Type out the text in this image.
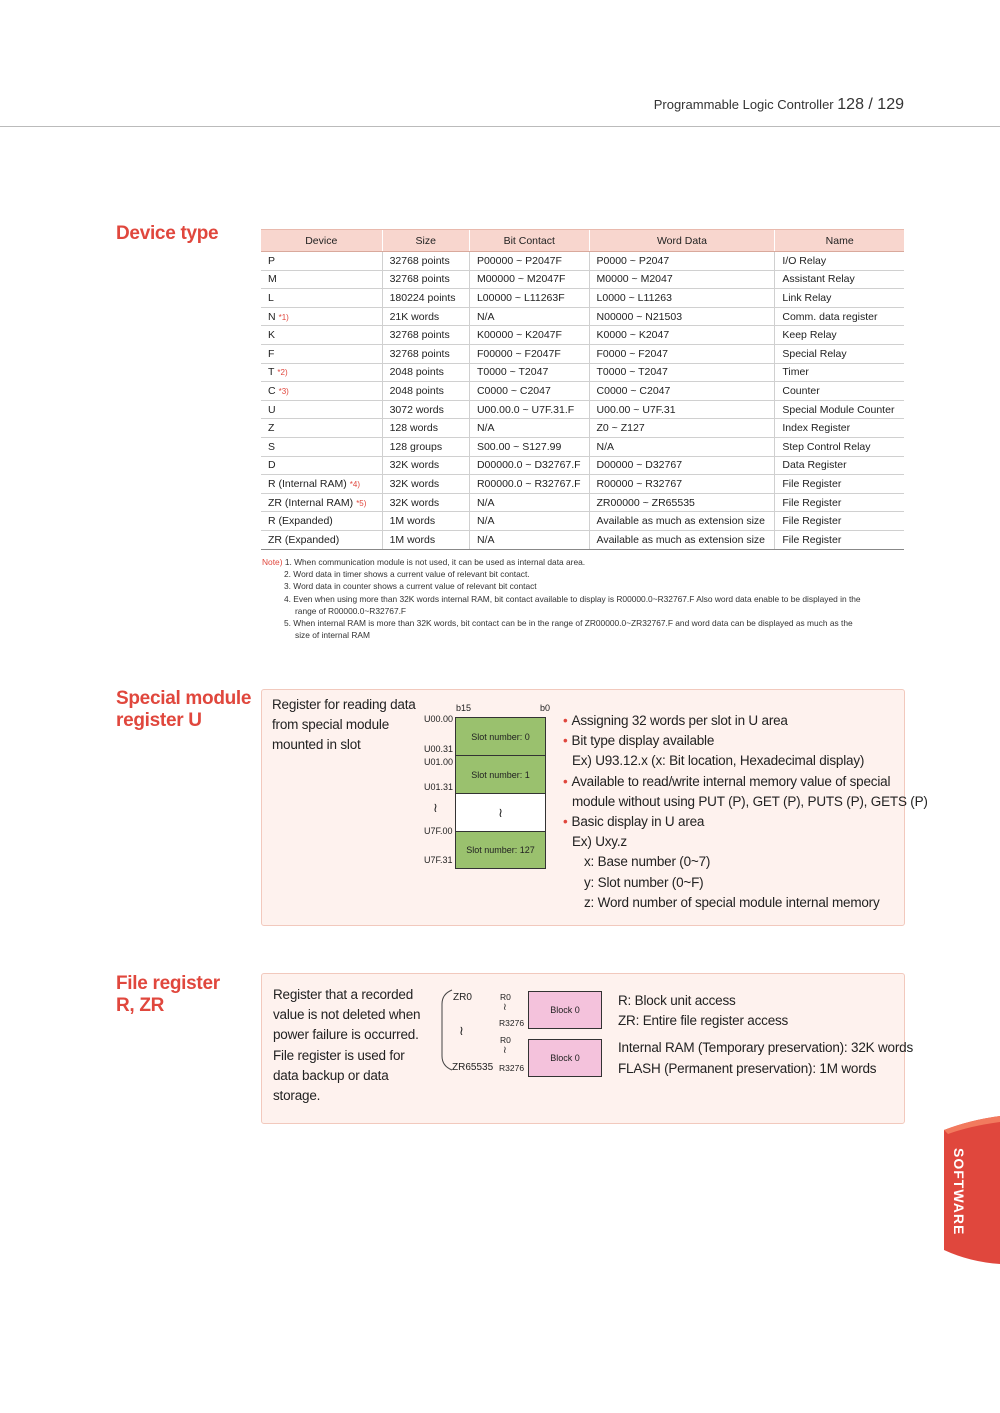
Programmable Logic Controller 128 / 129
Device type	Device	Size	Bit Contact	Word Data	Name
P	32768 points	P00000 ~ P2047F	P0000 ~ P2047	I/O Relay
M	32768 points	M00000 ~ M2047F	M0000 ~ M2047	Assistant Relay
L	180224 points	L00000 ~ L11263F	L0000 ~ L11263	Link Relay
N *1)	21K words	N/A	N00000 ~ N21503	Comm. data register
K	32768 points	K00000 ~ K2047F	K0000 ~ K2047	Keep Relay
F	32768 points	F00000 ~ F2047F	F0000 ~ F2047	Special Relay
T *2)	2048 points	T0000 ~ T2047	T0000 ~ T2047	Timer
C *3)	2048 points	C0000 ~ C2047	C0000 ~ C2047	Counter
U	3072 words	U00.00.0 ~ U7F.31.F	U00.00 ~ U7F.31	Special Module Counter
Z	128 words	N/A	Z0 ~ Z127	Index Register
S	128 groups	S00.00 ~ S127.99	N/A	Step Control Relay
D	32K words	D00000.0 ~ D32767.F	D00000 ~ D32767	Data Register
R (Internal RAM) *4)	32K words	R00000.0 ~ R32767.F	R00000 ~ R32767	File Register
ZR (Internal RAM) *5)	32K words	N/A	ZR00000 ~ ZR65535	File Register
R (Expanded)	1M words	N/A	Available as much as extension size	File Register
ZR (Expanded)	1M words	N/A	Available as much as extension size	File Register
Note) 1. When communication module is not used, it can be used as internal data area.
2. Word data in timer shows a current value of relevant bit contact.
3. Word data in counter shows a current value of relevant bit contact
4. Even when using more than 32K words internal RAM, bit contact available to display is R00000.0~R32767.F Also word data enable to be displayed in the
range of R00000.0~R32767.F
5. When internal RAM is more than 32K words, bit contact can be in the range of ZR00000.0~ZR32767.F and word data can be displayed as much as the
size of internal RAM
Special module
register U
Register for reading data
from special module
mounted in slot
b15	b0
U00.00
U00.31
U01.00
U01.31
≀
U7F.00
U7F.31
Slot number: 0
Slot number: 1
≀
Slot number: 127
• Assigning 32 words per slot in U area
• Bit type display available
Ex) U93.12.x (x: Bit location, Hexadecimal display)
• Available to read/write internal memory value of special
module without using PUT (P), GET (P), PUTS (P), GETS (P)
• Basic display in U area
Ex) Uxy.z
x: Base number (0~7)
y: Slot number (0~F)
z: Word number of special module internal memory
File register
R, ZR
Register that a recorded
value is not deleted when
power failure is occurred.
File register is used for
data backup or data
storage.
ZR0
≀
ZR65535
R0
≀
R3276
R0
≀
R3276
Block 0
Block 0
R: Block unit access
ZR: Entire file register access
Internal RAM (Temporary preservation): 32K words
FLASH (Permanent preservation): 1M words
SOFTWARE
